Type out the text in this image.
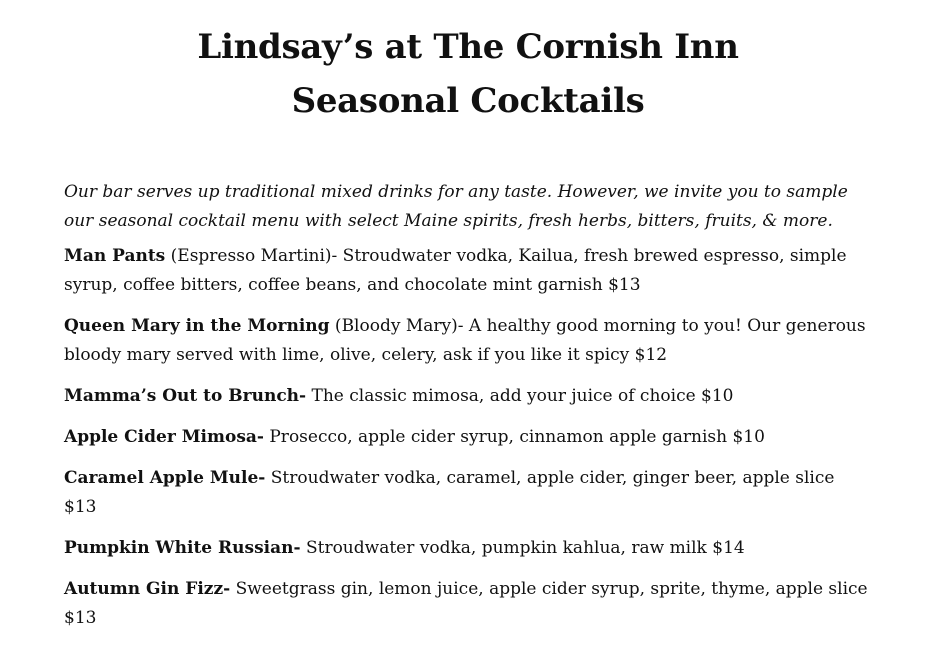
Lindsay’s at The Cornish Inn
Seasonal Cocktails

Our bar serves up traditional mixed drinks for any taste. However, we invite you to sample our seasonal cocktail menu with select Maine spirits, fresh herbs, bitters, fruits, & more.

Man Pants (Espresso Martini)- Stroudwater vodka, Kailua, fresh brewed espresso, simple syrup, coffee bitters, coffee beans, and chocolate mint garnish $13

Queen Mary in the Morning (Bloody Mary)- A healthy good morning to you! Our generous bloody mary served with lime, olive, celery, ask if you like it spicy $12

Mamma’s Out to Brunch- The classic mimosa, add your juice of choice $10

Apple Cider Mimosa- Prosecco, apple cider syrup, cinnamon apple garnish $10

Caramel Apple Mule- Stroudwater vodka, caramel, apple cider, ginger beer, apple slice $13

Pumpkin White Russian- Stroudwater vodka, pumpkin kahlua, raw milk $14

Autumn Gin Fizz- Sweetgrass gin, lemon juice, apple cider syrup, sprite, thyme, apple slice $13
